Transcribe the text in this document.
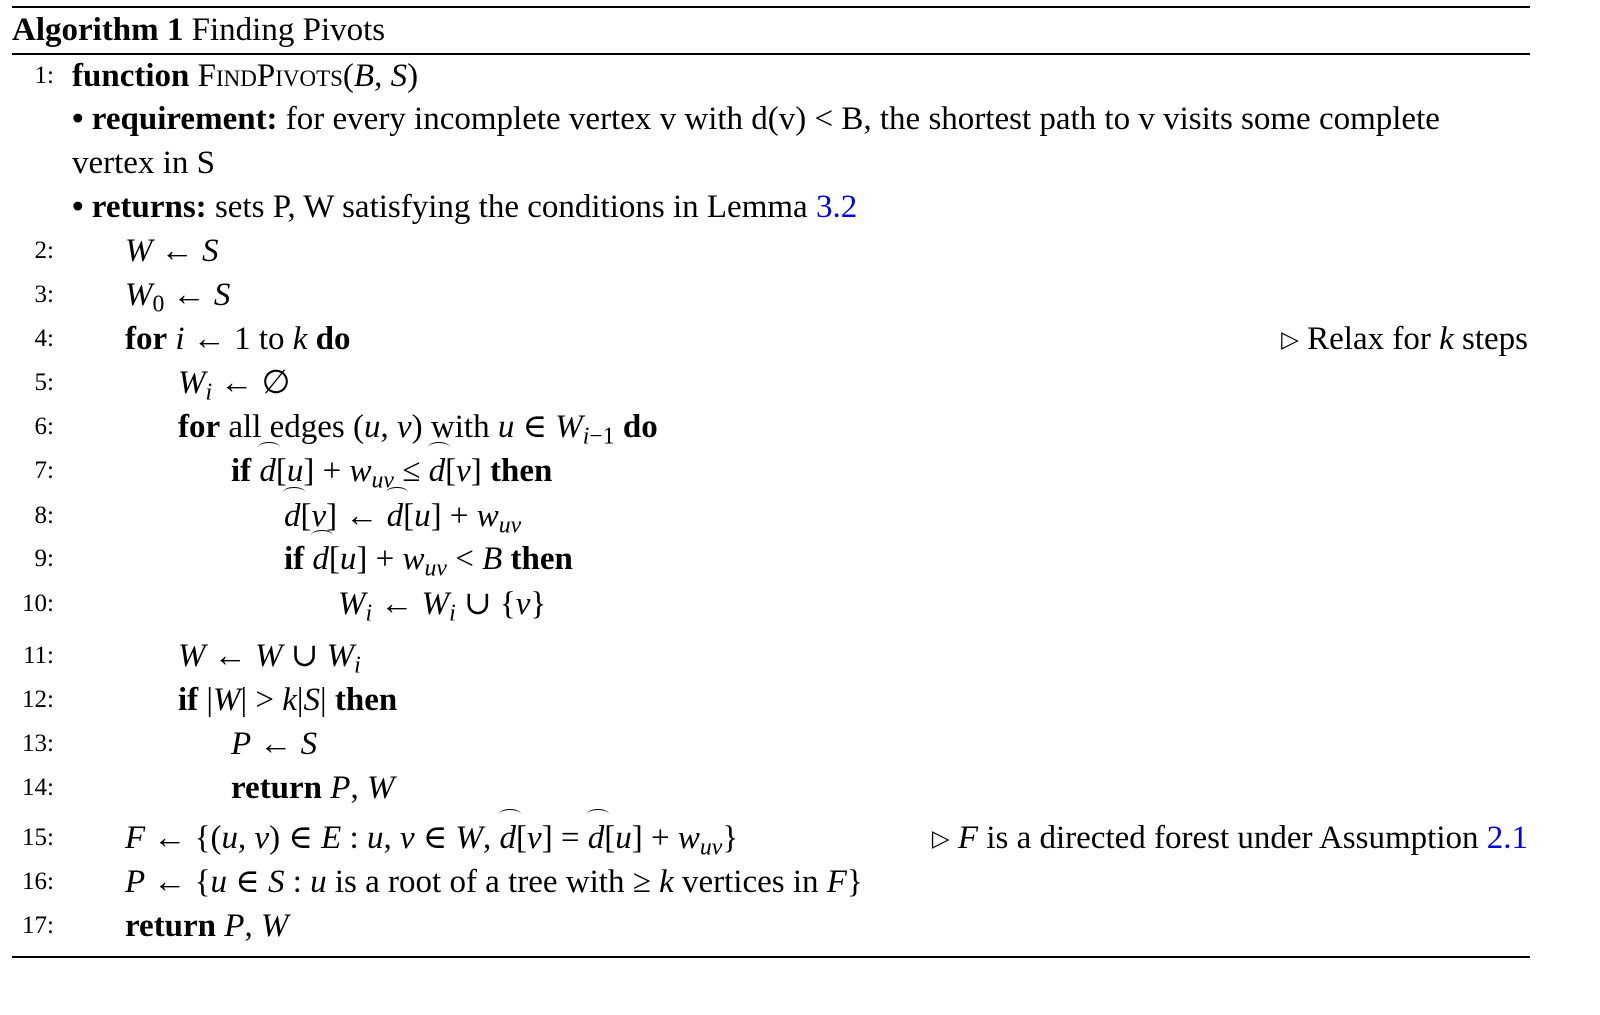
Algorithm 1 Finding Pivots
1: function FindPivots(B, S)
• requirement: for every incomplete vertex v with d(v) < B, the shortest path to v visits some complete
vertex in S
• returns: sets P, W satisfying the conditions in Lemma 3.2
2: W ← S
3: $W_0$ ← S
4: for i ← 1 to k do	▷ Relax for k steps
5:	$W_i$ ← ∅
6:	for all edges (u, v) with u ∈ $W_{i-1}$ do
7:	if $d[u] + w_{uv} \le d[v]$ then
8:	d[v] ← $d[u] + w_{uv}$
9:	if $d[u] + w_{uv} < B$ then
10:	$W_i$ ← $W_i$ ∪ {v}
11:	W ← W ∪ $W_i$
12:	if |W| > k|S| then
13:	P ← S
14:	return P, W
15: F ← {(u, v) ∈ E : u, v ∈ W, $d[v] = d[u] + w_{uv}$}	▷ F is a directed forest under Assumption 2.1
16: P ← {u ∈ S : u is a root of a tree with ≥ k vertices in F}
17: return P, W
